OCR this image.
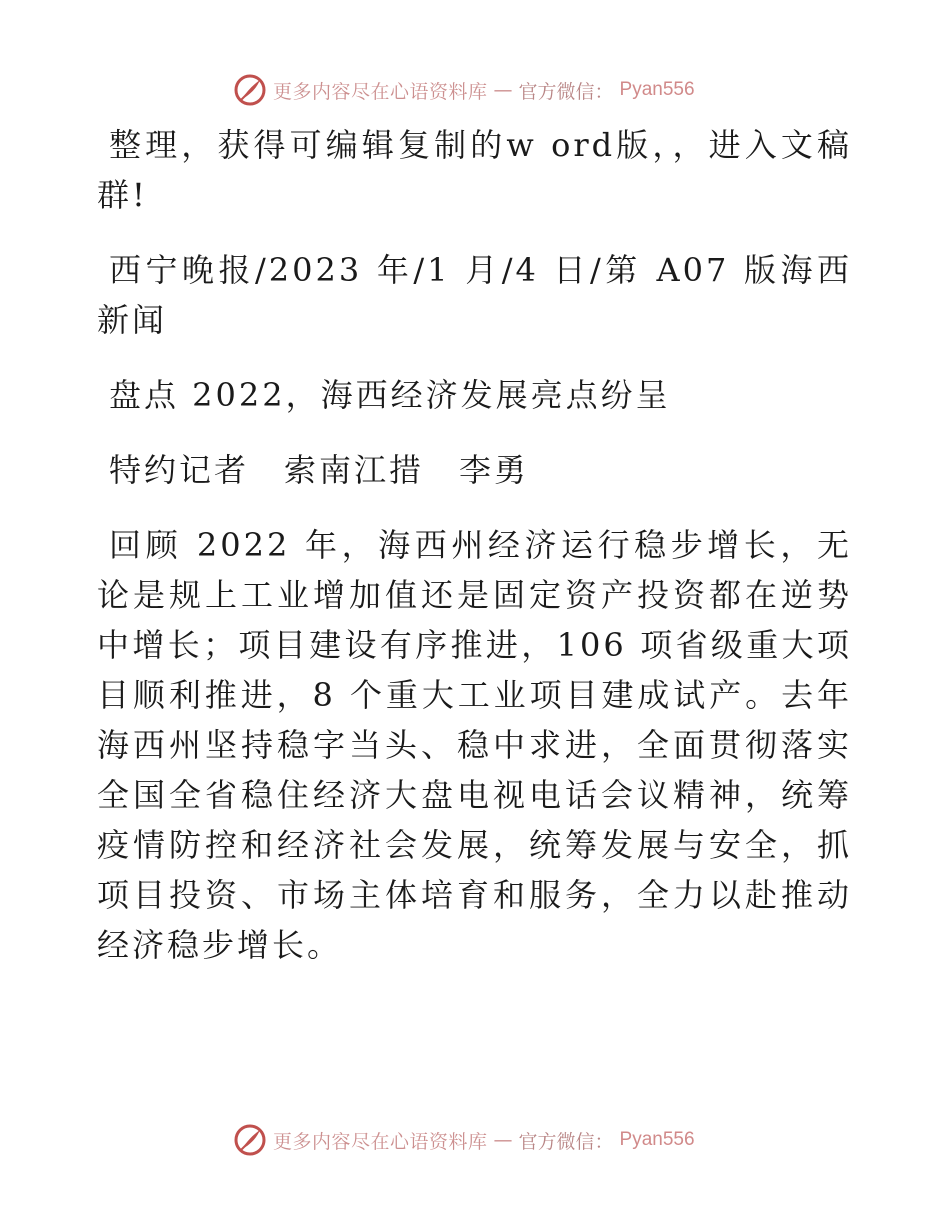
更多内容尽在心语资料库 — 官方微信： Pyan556

整理，获得可编辑复制的w ord版，，进入文稿群!

西宁晚报/2023 年/1 月/4 日/第 A07 版海西新闻

盘点 2022，海西经济发展亮点纷呈

特约记者　索南江措　李勇

回顾 2022 年，海西州经济运行稳步增长，无论是规上工业增加值还是固定资产投资都在逆势中增长；项目建设有序推进，106 项省级重大项目顺利推进，8 个重大工业项目建成试产。去年海西州坚持稳字当头、稳中求进，全面贯彻落实全国全省稳住经济大盘电视电话会议精神，统筹疫情防控和经济社会发展，统筹发展与安全，抓项目投资、市场主体培育和服务，全力以赴推动经济稳步增长。

更多内容尽在心语资料库 — 官方微信： Pyan556
